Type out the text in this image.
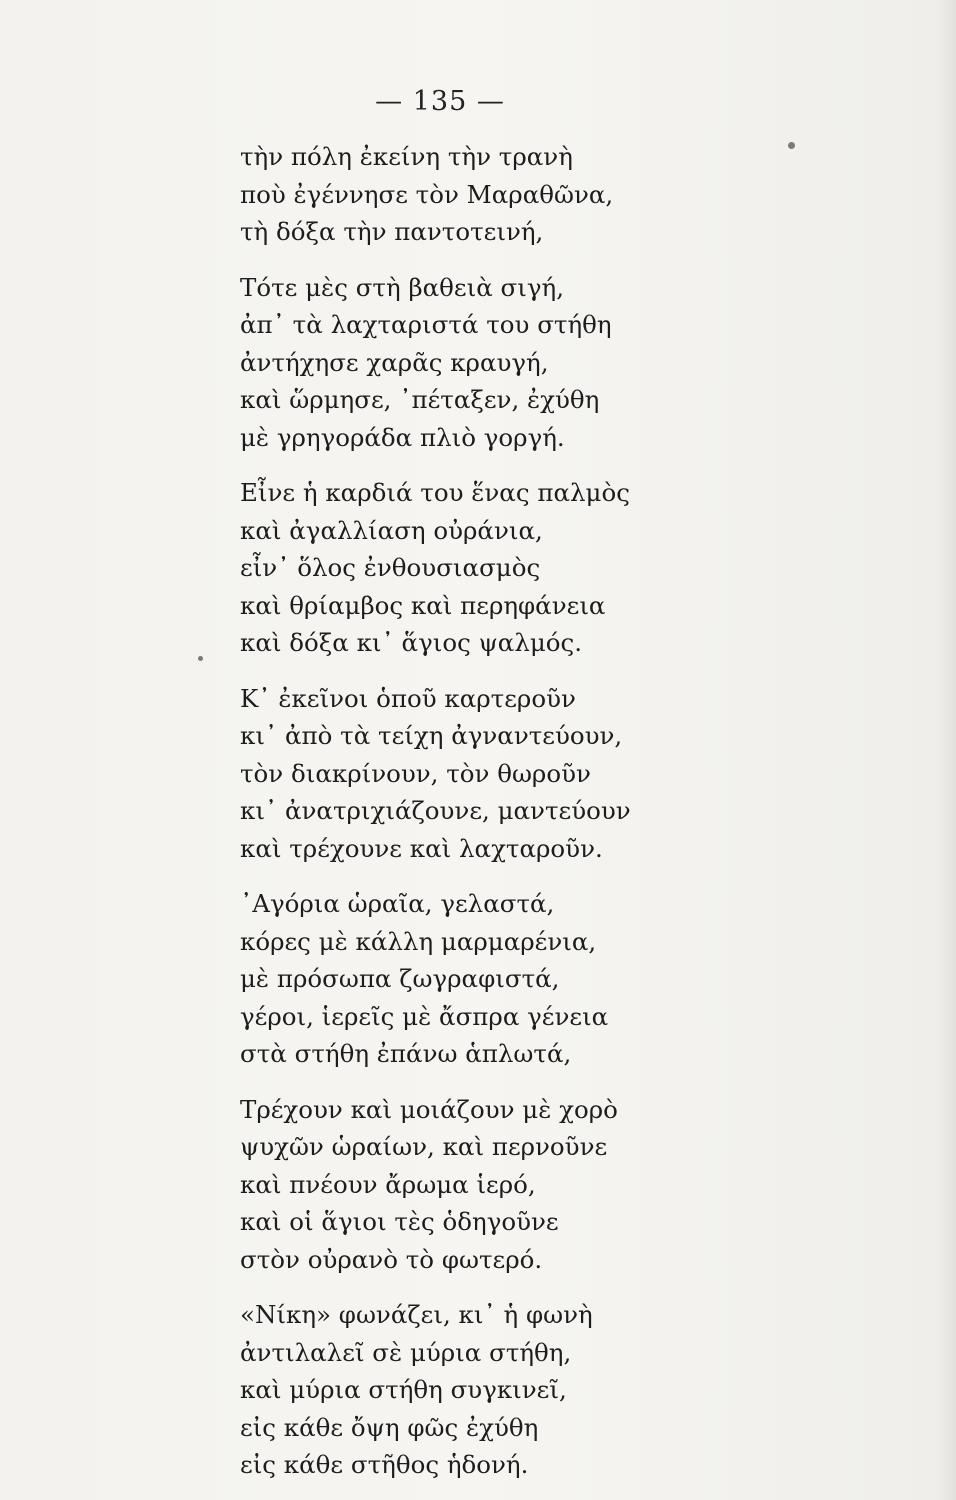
— 135 —
τὴν πόλη ἐκείνη τὴν τρανὴ
ποὺ ἐγέννησε τὸν Μαραθῶνα,
τὴ δόξα τὴν παντοτεινή,
Τότε μὲς στὴ βαθειὰ σιγή,
ἀπ᾽ τὰ λαχταριστά του στήθη
ἀντήχησε χαρᾶς κραυγή,
καὶ ὥρμησε, ᾽πέταξεν, ἐχύθη
μὲ γρηγοράδα πλιὸ γοργή.
Εἶνε ἡ καρδιά του ἕνας παλμὸς
καὶ ἀγαλλίαση οὐράνια,
εἶν᾽ ὅλος ἐνθουσιασμὸς
καὶ θρίαμβος καὶ περηφάνεια
καὶ δόξα κι᾽ ἅγιος ψαλμός.
Κ᾽ ἐκεῖνοι ὁποῦ καρτεροῦν
κι᾽ ἀπὸ τὰ τείχη ἀγναντεύουν,
τὸν διακρίνουν, τὸν θωροῦν
κι᾽ ἀνατριχιάζουνε, μαντεύουν
καὶ τρέχουνε καὶ λαχταροῦν.
᾽Αγόρια ὡραῖα, γελαστά,
κόρες μὲ κάλλη μαρμαρένια,
μὲ πρόσωπα ζωγραφιστά,
γέροι, ἱερεῖς μὲ ἄσπρα γένεια
στὰ στήθη ἐπάνω ἁπλωτά,
Τρέχουν καὶ μοιάζουν μὲ χορὸ
ψυχῶν ὡραίων, καὶ περνοῦνε
καὶ πνέουν ἄρωμα ἱερό,
καὶ οἱ ἅγιοι τὲς ὁδηγοῦνε
στὸν οὐρανὸ τὸ φωτερό.
«Νίκη» φωνάζει, κι᾽ ἡ φωνὴ
ἀντιλαλεῖ σὲ μύρια στήθη,
καὶ μύρια στήθη συγκινεῖ,
εἰς κάθε ὄψη φῶς ἐχύθη
εἰς κάθε στῆθος ἡδονή.
